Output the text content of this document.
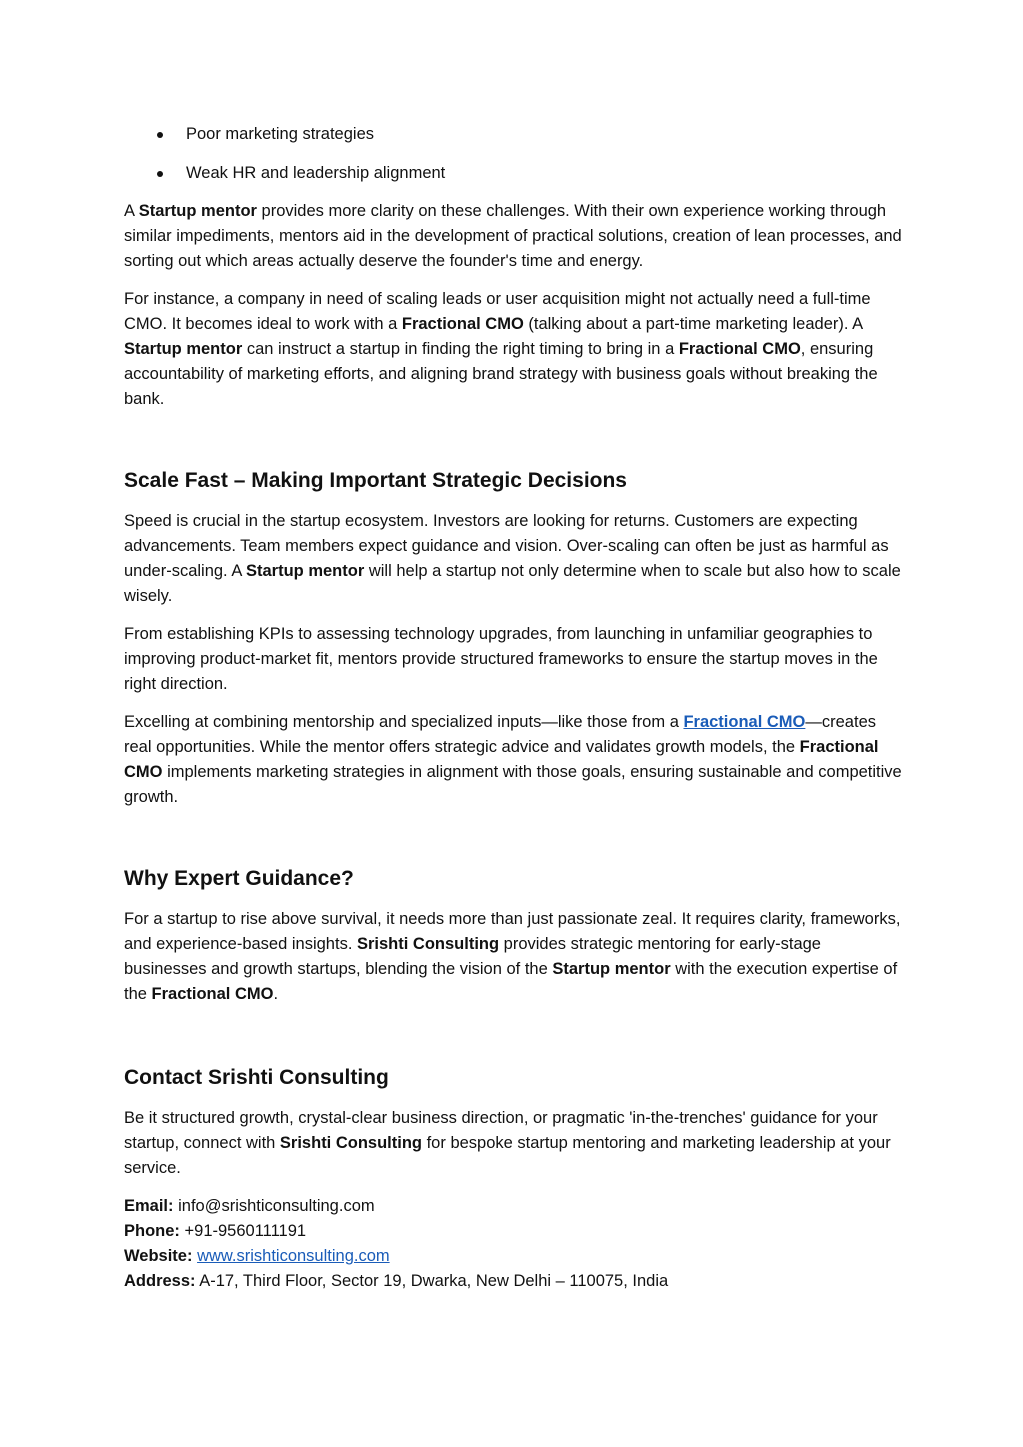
Poor marketing strategies
Weak HR and leadership alignment

A Startup mentor provides more clarity on these challenges. With their own experience working through similar impediments, mentors aid in the development of practical solutions, creation of lean processes, and sorting out which areas actually deserve the founder's time and energy.

For instance, a company in need of scaling leads or user acquisition might not actually need a full-time CMO. It becomes ideal to work with a Fractional CMO (talking about a part-time marketing leader). A Startup mentor can instruct a startup in finding the right timing to bring in a Fractional CMO, ensuring accountability of marketing efforts, and aligning brand strategy with business goals without breaking the bank.

Scale Fast – Making Important Strategic Decisions

Speed is crucial in the startup ecosystem. Investors are looking for returns. Customers are expecting advancements. Team members expect guidance and vision. Over-scaling can often be just as harmful as under-scaling. A Startup mentor will help a startup not only determine when to scale but also how to scale wisely.

From establishing KPIs to assessing technology upgrades, from launching in unfamiliar geographies to improving product-market fit, mentors provide structured frameworks to ensure the startup moves in the right direction.

Excelling at combining mentorship and specialized inputs—like those from a Fractional CMO—creates real opportunities. While the mentor offers strategic advice and validates growth models, the Fractional CMO implements marketing strategies in alignment with those goals, ensuring sustainable and competitive growth.

Why Expert Guidance?

For a startup to rise above survival, it needs more than just passionate zeal. It requires clarity, frameworks, and experience-based insights. Srishti Consulting provides strategic mentoring for early-stage businesses and growth startups, blending the vision of the Startup mentor with the execution expertise of the Fractional CMO.

Contact Srishti Consulting

Be it structured growth, crystal-clear business direction, or pragmatic 'in-the-trenches' guidance for your startup, connect with Srishti Consulting for bespoke startup mentoring and marketing leadership at your service.

Email: info@srishticonsulting.com
Phone: +91-9560111191
Website: www.srishticonsulting.com
Address: A-17, Third Floor, Sector 19, Dwarka, New Delhi – 110075, India
